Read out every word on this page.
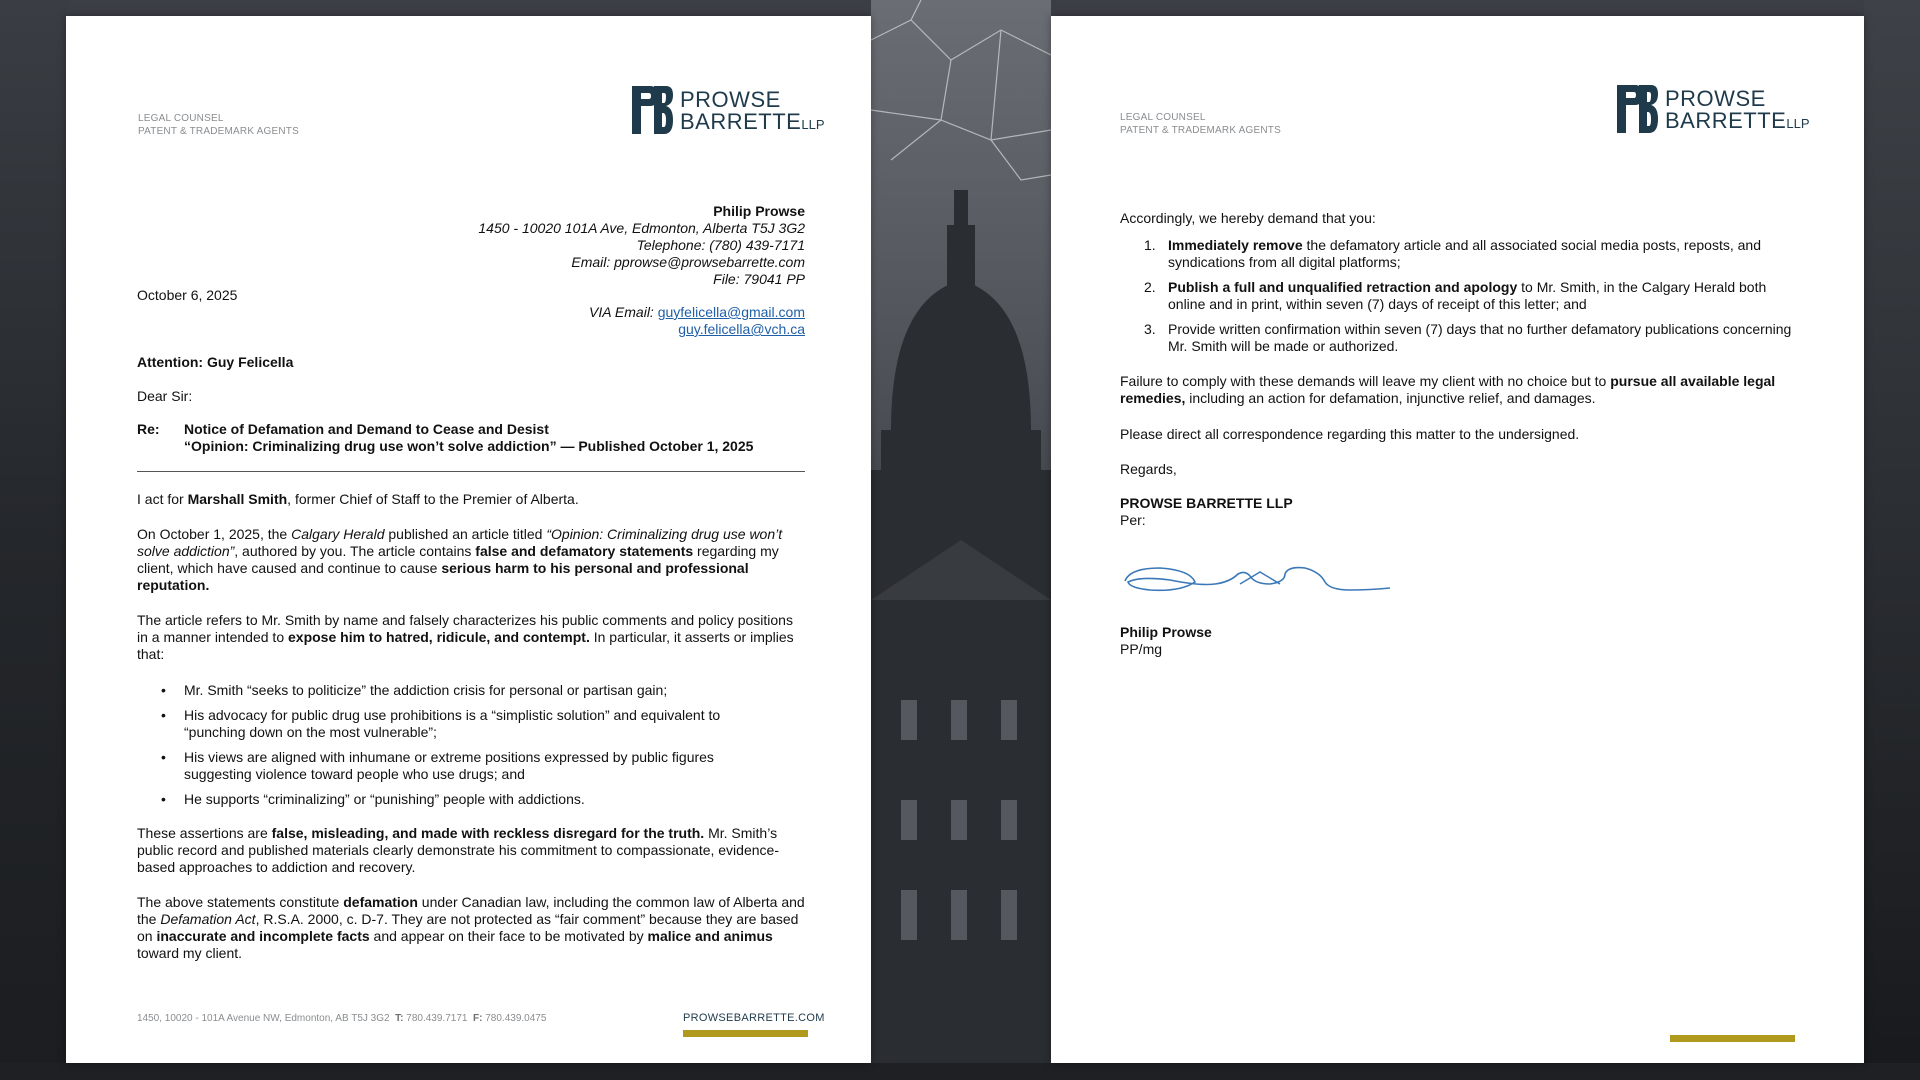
LEGAL COUNSEL
PATENT & TRADEMARK AGENTS
PROWSE
BARRETTELLP
Philip Prowse
1450 - 10020 101A Ave, Edmonton, Alberta T5J 3G2
Telephone: (780) 439-7171
Email: pprowse@prowsebarrette.com
File: 79041 PP
October 6, 2025
VIA Email: guyfelicella@gmail.com
guy.felicella@vch.ca
Attention: Guy Felicella
Dear Sir:
Re: Notice of Defamation and Demand to Cease and Desist
“Opinion: Criminalizing drug use won’t solve addiction” — Published October 1, 2025
I act for Marshall Smith, former Chief of Staff to the Premier of Alberta.
On October 1, 2025, the Calgary Herald published an article titled “Opinion: Criminalizing drug use won’t solve addiction”, authored by you. The article contains false and defamatory statements regarding my client, which have caused and continue to cause serious harm to his personal and professional reputation.
The article refers to Mr. Smith by name and falsely characterizes his public comments and policy positions in a manner intended to expose him to hatred, ridicule, and contempt. In particular, it asserts or implies that:
• Mr. Smith “seeks to politicize” the addiction crisis for personal or partisan gain;
• His advocacy for public drug use prohibitions is a “simplistic solution” and equivalent to “punching down on the most vulnerable”;
• His views are aligned with inhumane or extreme positions expressed by public figures suggesting violence toward people who use drugs; and
• He supports “criminalizing” or “punishing” people with addictions.
These assertions are false, misleading, and made with reckless disregard for the truth. Mr. Smith’s public record and published materials clearly demonstrate his commitment to compassionate, evidence-based approaches to addiction and recovery.
The above statements constitute defamation under Canadian law, including the common law of Alberta and the Defamation Act, R.S.A. 2000, c. D-7. They are not protected as “fair comment” because they are based on inaccurate and incomplete facts and appear on their face to be motivated by malice and animus toward my client.
1450, 10020 - 101A Avenue NW, Edmonton, AB T5J 3G2 T: 780.439.7171 F: 780.439.0475	PROWSEBARRETTE.COM
LEGAL COUNSEL
PATENT & TRADEMARK AGENTS
PROWSE
BARRETTELLP
Accordingly, we hereby demand that you:
1. Immediately remove the defamatory article and all associated social media posts, reposts, and syndications from all digital platforms;
2. Publish a full and unqualified retraction and apology to Mr. Smith, in the Calgary Herald both online and in print, within seven (7) days of receipt of this letter; and
3. Provide written confirmation within seven (7) days that no further defamatory publications concerning Mr. Smith will be made or authorized.
Failure to comply with these demands will leave my client with no choice but to pursue all available legal remedies, including an action for defamation, injunctive relief, and damages.
Please direct all correspondence regarding this matter to the undersigned.
Regards,
PROWSE BARRETTE LLP
Per:
Philip Prowse
PP/mg
